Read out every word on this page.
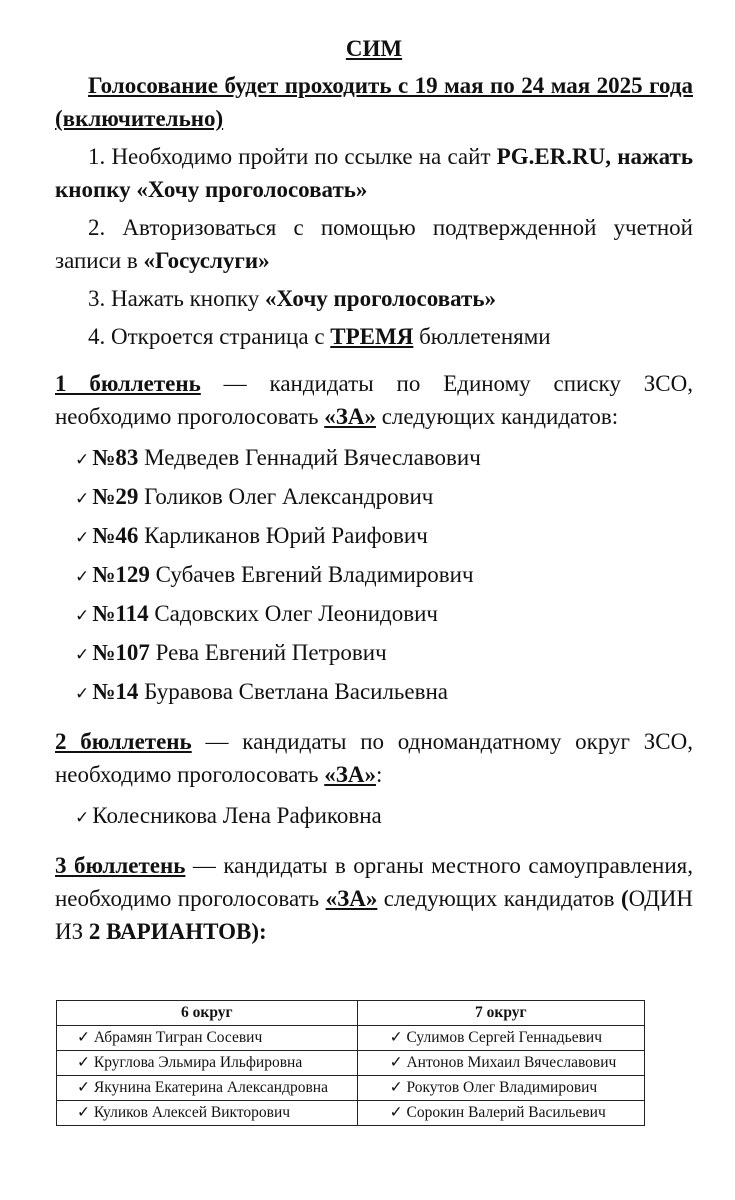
СИМ

Голосование будет проходить с 19 мая по 24 мая 2025 года (включительно)

1. Необходимо пройти по ссылке на сайт PG.ER.RU, нажать кнопку «Хочу проголосовать»

2. Авторизоваться с помощью подтвержденной учетной записи в «Госуслуги»

3. Нажать кнопку «Хочу проголосовать»

4. Откроется страница с ТРЕМЯ бюллетенями

1 бюллетень — кандидаты по Единому списку ЗСО, необходимо проголосовать «ЗА» следующих кандидатов:

✓ №83 Медведев Геннадий Вячеславович
✓ №29 Голиков Олег Александрович
✓ №46 Карликанов Юрий Раифович
✓ №129 Субачев Евгений Владимирович
✓ №114 Садовских Олег Леонидович
✓ №107 Рева Евгений Петрович
✓ №14 Буравова Светлана Васильевна

2 бюллетень — кандидаты по одномандатному округ ЗСО, необходимо проголосовать «ЗА»:

✓ Колесникова Лена Рафиковна

3 бюллетень — кандидаты в органы местного самоуправления, необходимо проголосовать «ЗА» следующих кандидатов (ОДИН ИЗ 2 ВАРИАНТОВ):

6 округ	7 округ
✓ Абрамян Тигран Сосевич	✓ Сулимов Сергей Геннадьевич
✓ Круглова Эльмира Ильфировна	✓ Антонов Михаил Вячеславович
✓ Якунина Екатерина Александровна	✓ Рокутов Олег Владимирович
✓ Куликов Алексей Викторович	✓ Сорокин Валерий Васильевич
